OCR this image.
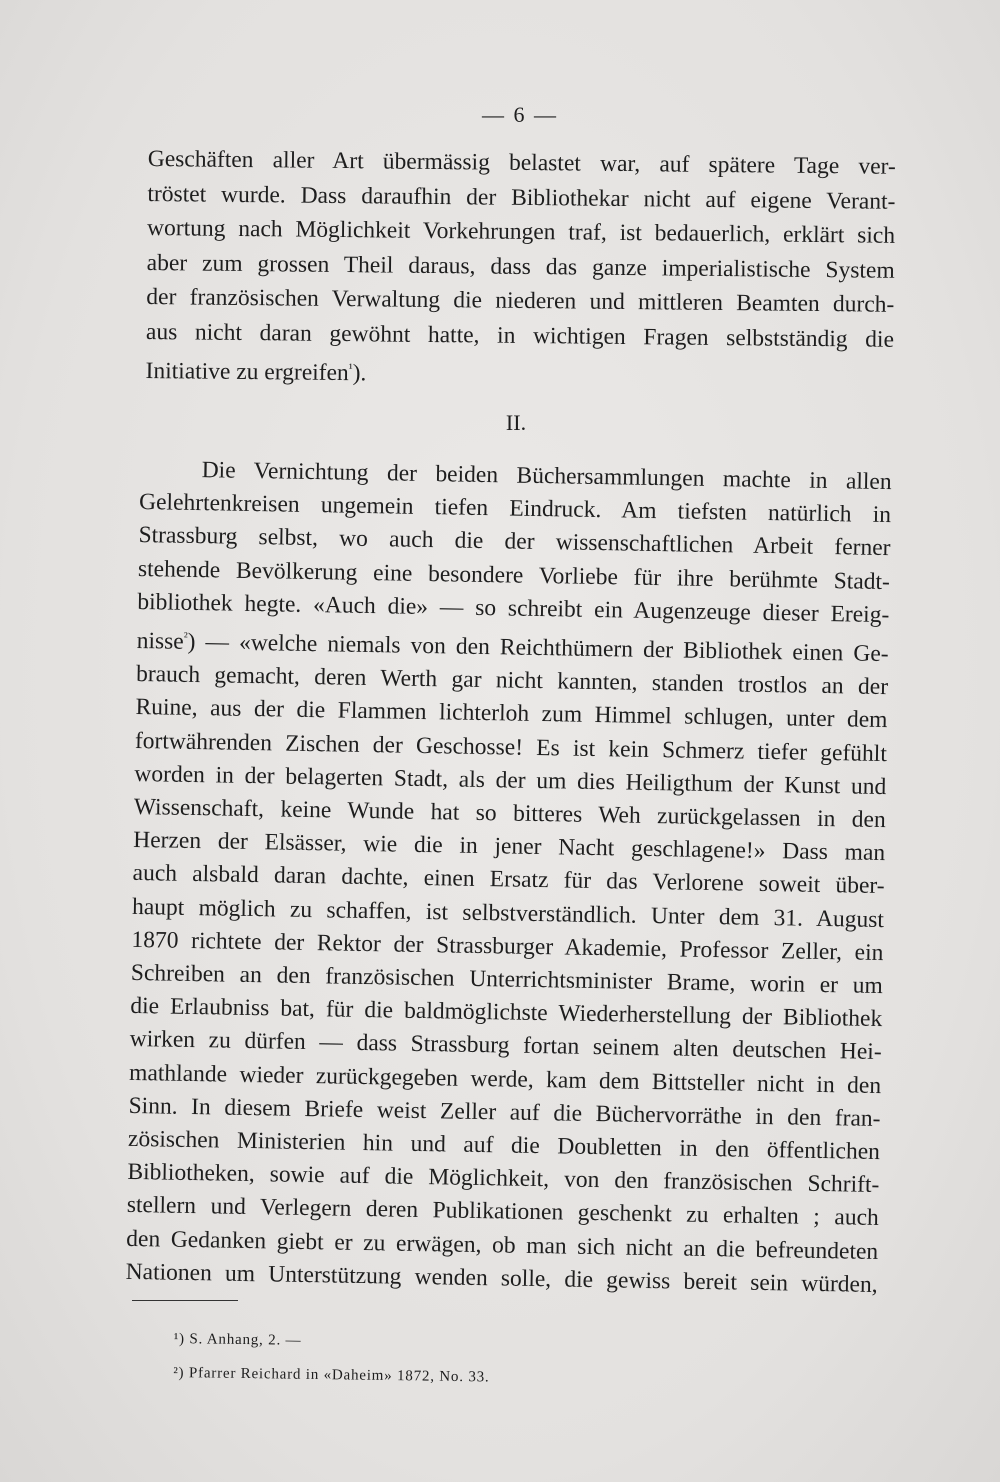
— 6 —
Geschäften aller Art übermässig belastet war, auf spätere Tage ver-
tröstet wurde. Dass daraufhin der Bibliothekar nicht auf eigene Verant-
wortung nach Möglichkeit Vorkehrungen traf, ist bedauerlich, erklärt sich
aber zum grossen Theil daraus, dass das ganze imperialistische System
der französischen Verwaltung die niederen und mittleren Beamten durch-
aus nicht daran gewöhnt hatte, in wichtigen Fragen selbstständig die
Initiative zu ergreifen$^{^1}$).
II.
Die Vernichtung der beiden Büchersammlungen machte in allen
Gelehrtenkreisen ungemein tiefen Eindruck. Am tiefsten natürlich in
Strassburg selbst, wo auch die der wissenschaftlichen Arbeit ferner
stehende Bevölkerung eine besondere Vorliebe für ihre berühmte Stadt-
bibliothek hegte. «Auch die» — so schreibt ein Augenzeuge dieser Ereig-
nisse$^{^2}$) — «welche niemals von den Reichthümern der Bibliothek einen Ge-
brauch gemacht, deren Werth gar nicht kannten, standen trostlos an der
Ruine, aus der die Flammen lichterloh zum Himmel schlugen, unter dem
fortwährenden Zischen der Geschosse! Es ist kein Schmerz tiefer gefühlt
worden in der belagerten Stadt, als der um dies Heiligthum der Kunst und
Wissenschaft, keine Wunde hat so bitteres Weh zurückgelassen in den
Herzen der Elsässer, wie die in jener Nacht geschlagene!» Dass man
auch alsbald daran dachte, einen Ersatz für das Verlorene soweit über-
haupt möglich zu schaffen, ist selbstverständlich. Unter dem 31. August
1870 richtete der Rektor der Strassburger Akademie, Professor Zeller, ein
Schreiben an den französischen Unterrichtsminister Brame, worin er um
die Erlaubniss bat, für die baldmöglichste Wiederherstellung der Bibliothek
wirken zu dürfen — dass Strassburg fortan seinem alten deutschen Hei-
mathlande wieder zurückgegeben werde, kam dem Bittsteller nicht in den
Sinn. In diesem Briefe weist Zeller auf die Büchervorräthe in den fran-
zösischen Ministerien hin und auf die Doubletten in den öffentlichen
Bibliotheken, sowie auf die Möglichkeit, von den französischen Schrift-
stellern und Verlegern deren Publikationen geschenkt zu erhalten ; auch
den Gedanken giebt er zu erwägen, ob man sich nicht an die befreundeten
Nationen um Unterstützung wenden solle, die gewiss bereit sein würden,
¹) S. Anhang, 2. —
²) Pfarrer Reichard in «Daheim» 1872, No. 33.
